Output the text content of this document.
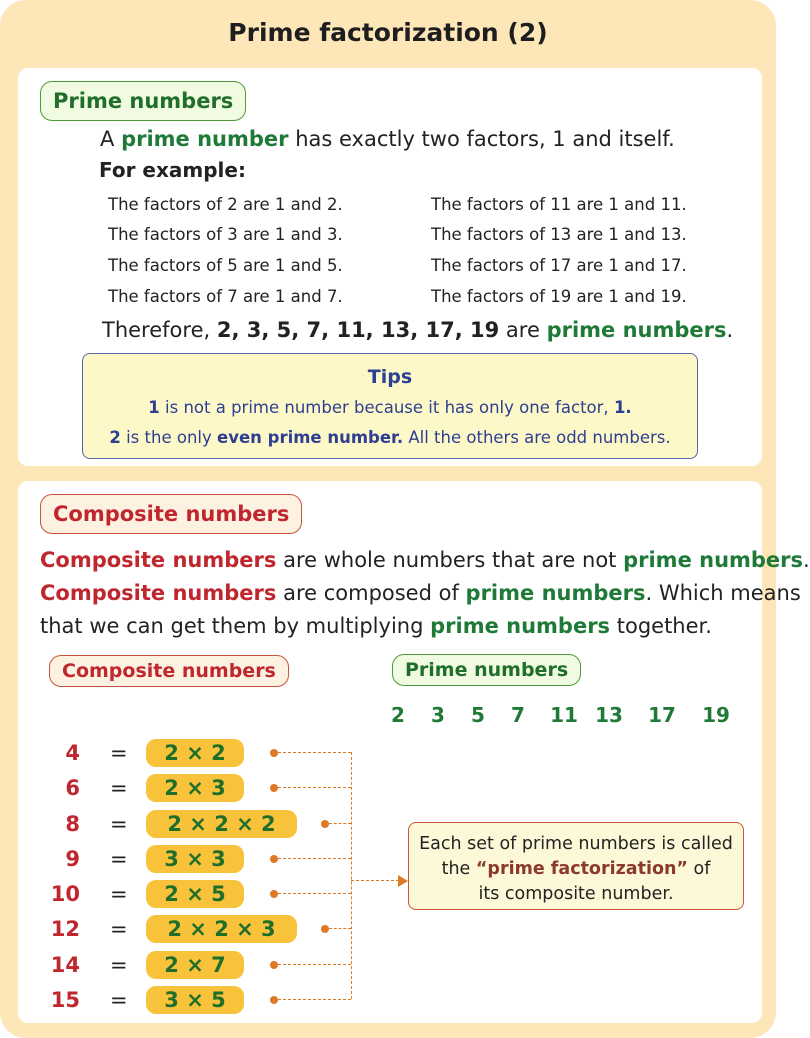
Prime factorization (2)
Prime numbers
A prime number has exactly two factors, 1 and itself.
For example:
The factors of 2 are 1 and 2.
The factors of 3 are 1 and 3.
The factors of 5 are 1 and 5.
The factors of 7 are 1 and 7.
The factors of 11 are 1 and 11.
The factors of 13 are 1 and 13.
The factors of 17 are 1 and 17.
The factors of 19 are 1 and 19.
Therefore, 2, 3, 5, 7, 11, 13, 17, 19 are prime numbers.
Tips
1 is not a prime number because it has only one factor, 1.
2 is the only even prime number. All the others are odd numbers.
Composite numbers
Composite numbers are whole numbers that are not prime numbers.
Composite numbers are composed of prime numbers. Which means
that we can get them by multiplying prime numbers together.
Composite numbers	Prime numbers
2	3	5	7	11 13	17	19
4 =	2 × 2
6 =	2 × 3
8 =	2 × 2 × 2
9 =	3 × 3
10 =	2 × 5
12 =	2 × 2 × 3
14 =	2 × 7
15 =	3 × 5
Each set of prime numbers is called
the “prime factorization” of
its composite number.
